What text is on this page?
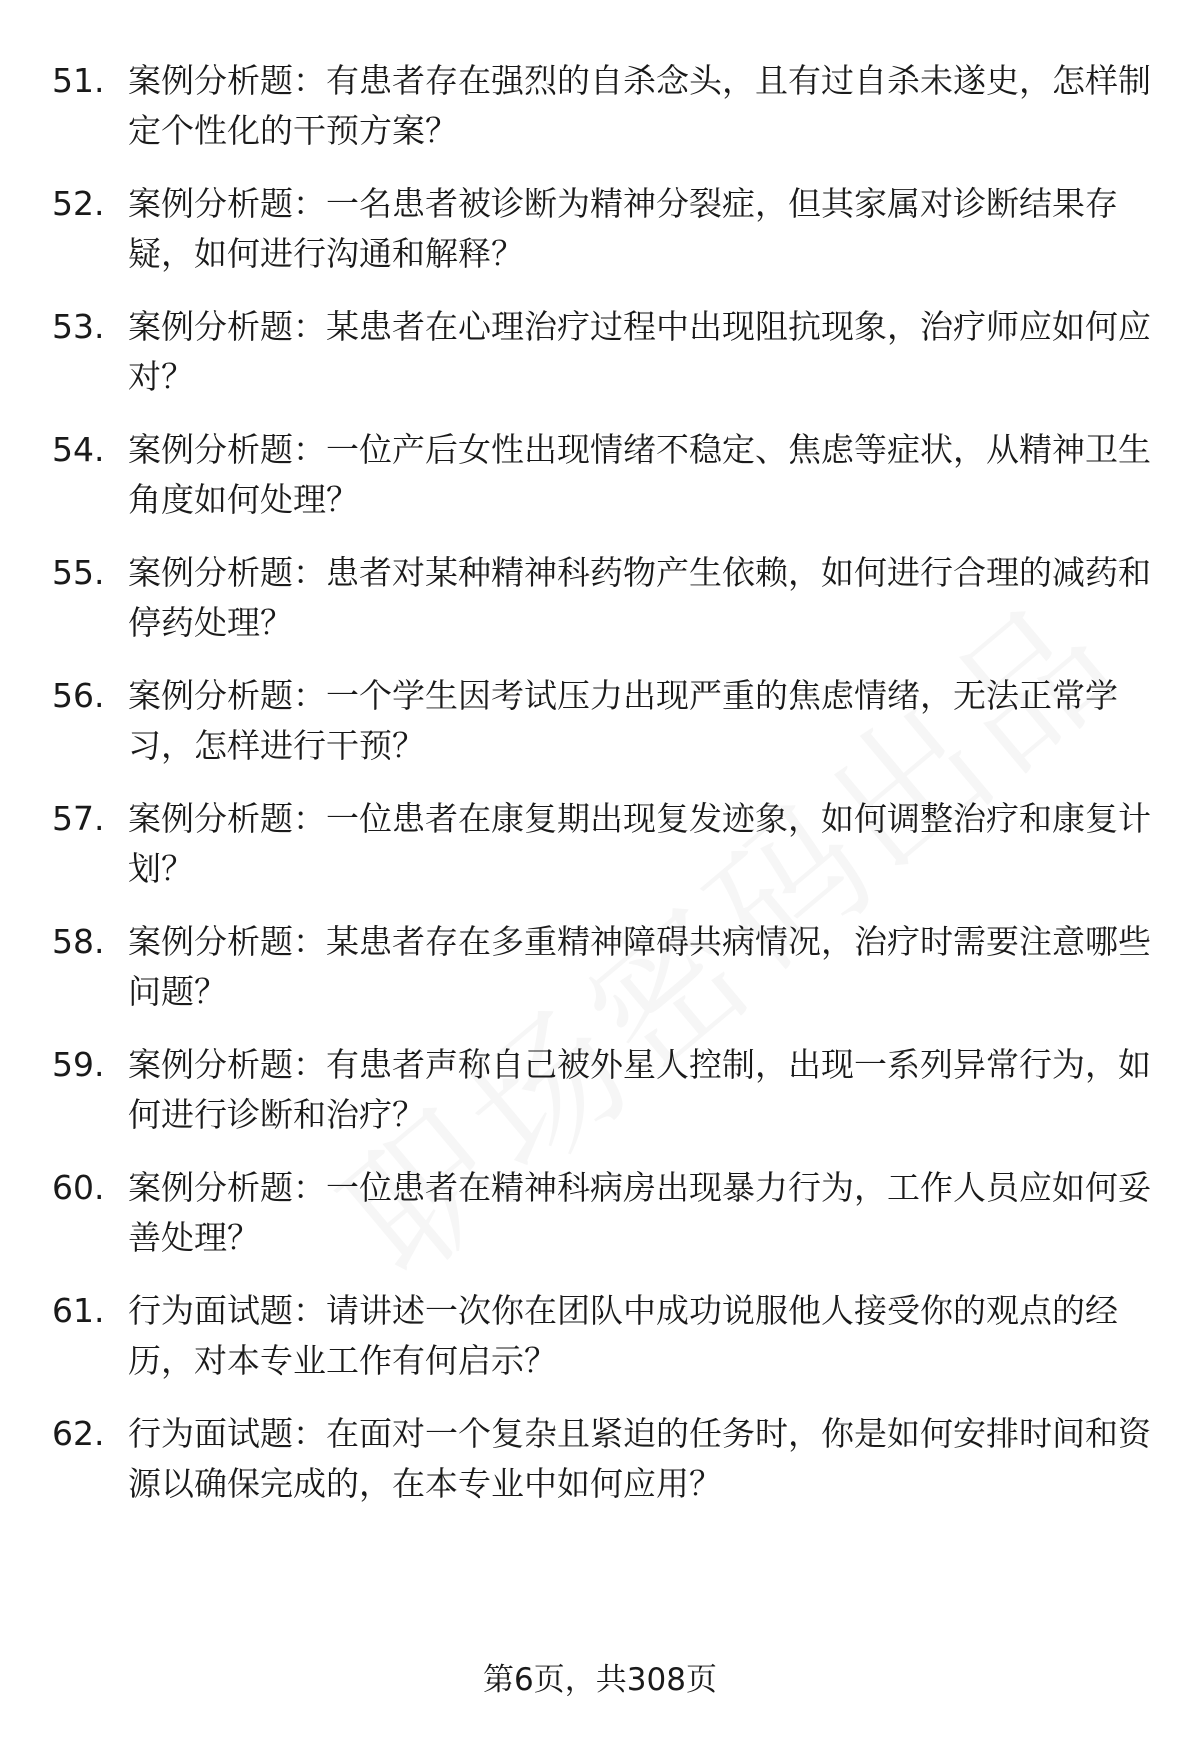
51. 案例分析题：有患者存在强烈的自杀念头，且有过自杀未遂史，怎样制定个性化的干预方案？
52. 案例分析题：一名患者被诊断为精神分裂症，但其家属对诊断结果存疑，如何进行沟通和解释？
53. 案例分析题：某患者在心理治疗过程中出现阻抗现象，治疗师应如何应对？
54. 案例分析题：一位产后女性出现情绪不稳定、焦虑等症状，从精神卫生角度如何处理？
55. 案例分析题：患者对某种精神科药物产生依赖，如何进行合理的减药和停药处理？
56. 案例分析题：一个学生因考试压力出现严重的焦虑情绪，无法正常学习，怎样进行干预？
57. 案例分析题：一位患者在康复期出现复发迹象，如何调整治疗和康复计划？
58. 案例分析题：某患者存在多重精神障碍共病情况，治疗时需要注意哪些问题？
59. 案例分析题：有患者声称自己被外星人控制，出现一系列异常行为，如何进行诊断和治疗？
60. 案例分析题：一位患者在精神科病房出现暴力行为，工作人员应如何妥善处理？
61. 行为面试题：请讲述一次你在团队中成功说服他人接受你的观点的经历，对本专业工作有何启示？
62. 行为面试题：在面对一个复杂且紧迫的任务时，你是如何安排时间和资源以确保完成的，在本专业中如何应用？
第6页，共308页
